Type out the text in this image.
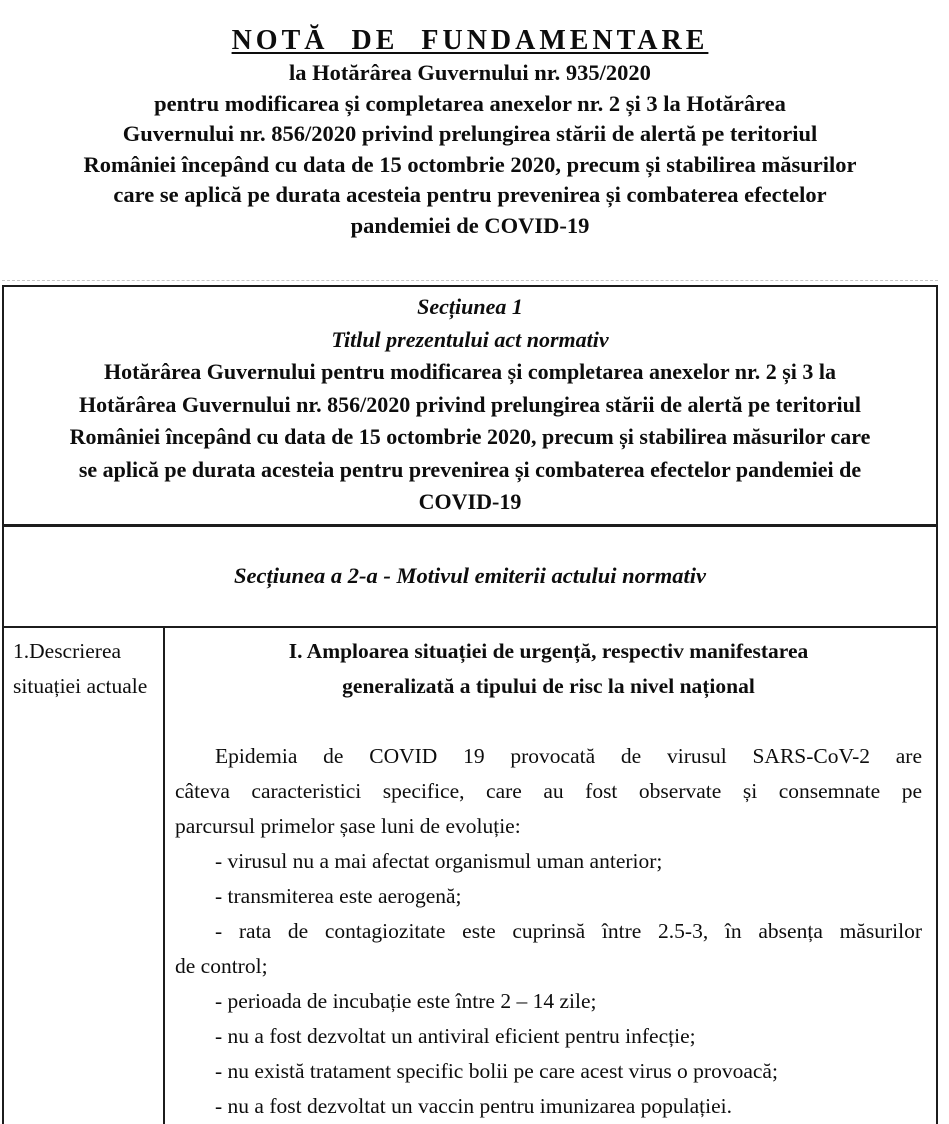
NOTĂ DE FUNDAMENTARE
la Hotărârea Guvernului nr. 935/2020
pentru modificarea și completarea anexelor nr. 2 și 3 la Hotărârea
Guvernului nr. 856/2020 privind prelungirea stării de alertă pe teritoriul
României începând cu data de 15 octombrie 2020, precum și stabilirea măsurilor
care se aplică pe durata acesteia pentru prevenirea și combaterea efectelor
pandemiei de COVID-19
Secțiunea 1
Titlul prezentului act normativ
Hotărârea Guvernului pentru modificarea și completarea anexelor nr. 2 și 3 la
Hotărârea Guvernului nr. 856/2020 privind prelungirea stării de alertă pe teritoriul
României începând cu data de 15 octombrie 2020, precum și stabilirea măsurilor care
se aplică pe durata acesteia pentru prevenirea și combaterea efectelor pandemiei de
COVID-19
Secțiunea a 2-a - Motivul emiterii actului normativ
1.Descrierea situației actuale
I. Amploarea situației de urgență, respectiv manifestarea
generalizată a tipului de risc la nivel național
Epidemia de COVID 19 provocată de virusul SARS-CoV-2 are
câteva caracteristici specifice, care au fost observate și consemnate pe
parcursul primelor șase luni de evoluție:
- virusul nu a mai afectat organismul uman anterior;
- transmiterea este aerogenă;
- rata de contagiozitate este cuprinsă între 2.5-3, în absența măsurilor
de control;
- perioada de incubație este între 2 – 14 zile;
- nu a fost dezvoltat un antiviral eficient pentru infecție;
- nu există tratament specific bolii pe care acest virus o provoacă;
- nu a fost dezvoltat un vaccin pentru imunizarea populației.
